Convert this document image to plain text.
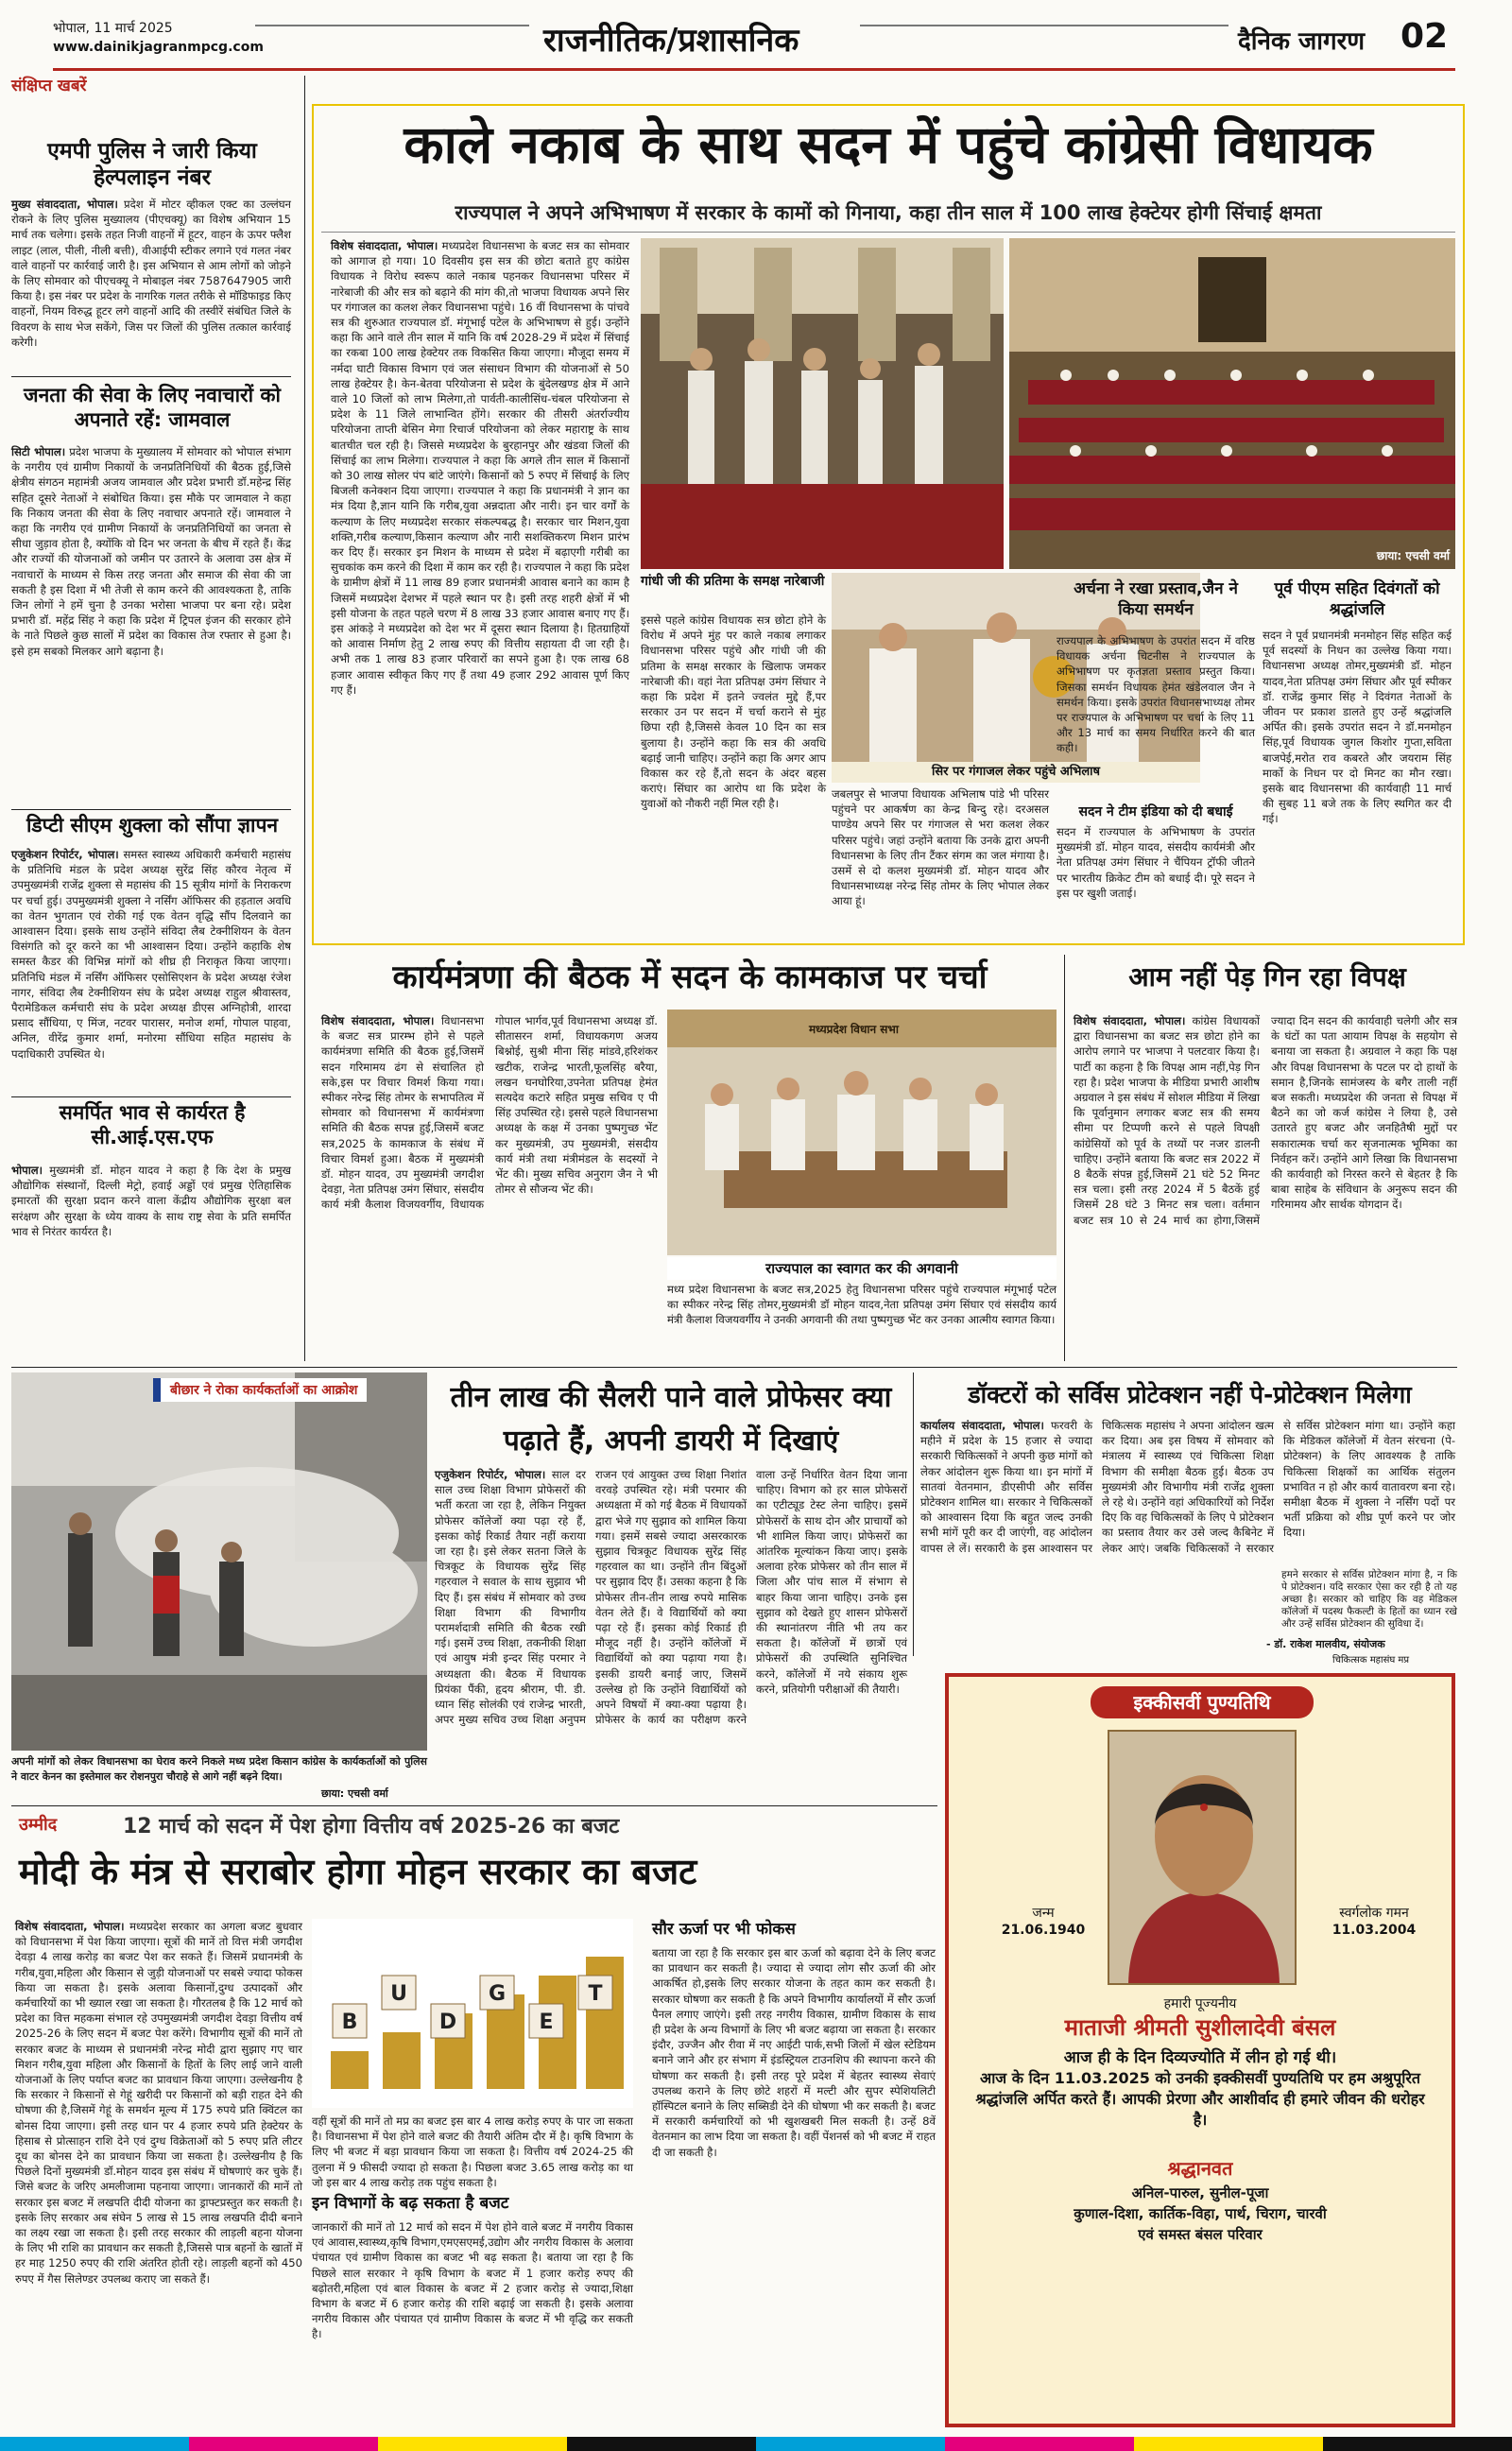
भोपाल, 11 मार्च 2025
www.dainikjagranmpcg.com	राजनीतिक/प्रशासनिक	दैनिक जागरण 02
संक्षिप्त खबरें
एमपी पुलिस ने जारी किया हेल्पलाइन नंबर
मुख्य संवाददाता, भोपाल। प्रदेश में मोटर व्हीकल एक्ट का उल्लंघन रोकने के लिए पुलिस मुख्यालय (पीएचक्यू) का विशेष अभियान 15 मार्च तक चलेगा। इसके तहत निजी वाहनों में हूटर, वाहन के ऊपर फ्लैश लाइट (लाल, पीली, नीली बत्ती), वीआईपी स्टीकर लगाने एवं गलत नंबर वाले वाहनों पर कार्रवाई जारी है। इस अभियान से आम लोगों को जोड़ने के लिए सोमवार को पीएचक्यू ने मोबाइल नंबर 7587647905 जारी किया है। इस नंबर पर प्रदेश के नागरिक गलत तरीके से मॉडिफाइड किए वाहनों, नियम विरुद्ध हूटर लगे वाहनों आदि की तस्वीरें संबंधित जिले के विवरण के साथ भेज सकेंगे, जिस पर जिलों की पुलिस तत्काल कार्रवाई करेगी।
जनता की सेवा के लिए नवाचारों को अपनाते रहें: जामवाल
सिटी भोपाल। प्रदेश भाजपा के मुख्यालय में सोमवार को भोपाल संभाग के नगरीय एवं ग्रामीण निकायों के जनप्रतिनिधियों की बैठक हुई,जिसे क्षेत्रीय संगठन महामंत्री अजय जामवाल और प्रदेश प्रभारी डॉ.महेन्द्र सिंह सहित दूसरे नेताओं ने संबोधित किया। इस मौके पर जामवाल ने कहा कि निकाय जनता की सेवा के लिए नवाचार अपनाते रहें। जामवाल ने कहा कि नगरीय एवं ग्रामीण निकायों के जनप्रतिनिधियों का जनता से सीधा जुड़ाव होता है, क्योंकि वो दिन भर जनता के बीच में रहते हैं। केंद्र और राज्यों की योजनाओं को जमीन पर उतारने के अलावा उस क्षेत्र में नवाचारों के माध्यम से किस तरह जनता और समाज की सेवा की जा सकती है इस दिशा में भी तेजी से काम करने की आवश्यकता है, ताकि जिन लोगों ने हमें चुना है उनका भरोसा भाजपा पर बना रहे। प्रदेश प्रभारी डॉ. महेंद्र सिंह ने कहा कि प्रदेश में ट्रिपल इंजन की सरकार होने के नाते पिछले कुछ सालों में प्रदेश का विकास तेज रफ्तार से हुआ है। इसे हम सबको मिलकर आगे बढ़ाना है।
डिप्टी सीएम शुक्ला को सौंपा ज्ञापन
एजुकेशन रिपोर्टर, भोपाल। समस्त स्वास्थ्य अधिकारी कर्मचारी महासंघ के प्रतिनिधि मंडल के प्रदेश अध्यक्ष सुरेंद्र सिंह कौरव नेतृत्व में उपमुख्यमंत्री राजेंद्र शुक्ला से महासंघ की 15 सूत्रीय मांगों के निराकरण पर चर्चा हुई। उपमुख्यमंत्री शुक्ला ने नर्सिंग ऑफिसर की हड़ताल अवधि का वेतन भुगतान एवं रोकी गई एक वेतन वृद्धि सौंप दिलवाने का आश्वासन दिया। इसके साथ उन्होंने संविदा लैब टेक्नीशियन के वेतन विसंगति को दूर करने का भी आश्वासन दिया। उन्होंने कहाकि शेष समस्त कैडर की विभिन्न मांगों को शीघ्र ही निराकृत किया जाएगा। प्रतिनिधि मंडल में नर्सिंग ऑफिसर एसोसिएशन के प्रदेश अध्यक्ष रंजेश नागर, संविदा लैब टेक्नीशियन संघ के प्रदेश अध्यक्ष राहुल श्रीवास्तव, पैरामेडिकल कर्मचारी संघ के प्रदेश अध्यक्ष डीएस अग्निहोत्री, शारदा प्रसाद सौंधिया, ए मिंज, नटवर पारासर, मनोज शर्मा, गोपाल पाहवा, अनिल, वीरेंद्र कुमार शर्मा, मनोरमा सौंधिया सहित महासंघ के पदाधिकारी उपस्थित थे।
समर्पित भाव से कार्यरत है सी.आई.एस.एफ
भोपाल। मुख्यमंत्री डॉ. मोहन यादव ने कहा है कि देश के प्रमुख औद्योगिक संस्थानों, दिल्ली मेट्रो, हवाई अड्डों एवं प्रमुख ऐतिहासिक इमारतों की सुरक्षा प्रदान करने वाला केंद्रीय औद्योगिक सुरक्षा बल सरंक्षण और सुरक्षा के ध्येय वाक्य के साथ राष्ट्र सेवा के प्रति समर्पित भाव से निरंतर कार्यरत है।
काले नकाब के साथ सदन में पहुंचे कांग्रेसी विधायक
राज्यपाल ने अपने अभिभाषण में सरकार के कामों को गिनाया, कहा तीन साल में 100 लाख हेक्टेयर होगी सिंचाई क्षमता
विशेष संवाददाता, भोपाल। मध्यप्रदेश विधानसभा के बजट सत्र का सोमवार को आगाज हो गया। 10 दिवसीय इस सत्र की छोटा बताते हुए कांग्रेस विधायक ने विरोध स्वरूप काले नकाब पहनकर विधानसभा परिसर में नारेबाजी की और सत्र को बढ़ाने की मांग की,तो भाजपा विधायक अपने सिर पर गंगाजल का कलश लेकर विधानसभा पहुंचे। 16 वीं विधानसभा के पांचवे सत्र की शुरुआत राज्यपाल डॉ. मंगूभाई पटेल के अभिभाषण से हुई। उन्होंने कहा कि आने वाले तीन साल में यानि कि वर्ष 2028-29 में प्रदेश में सिंचाई का रकबा 100 लाख हेक्टेयर तक विकसित किया जाएगा। मौजूदा समय में नर्मदा घाटी विकास विभाग एवं जल संसाधन विभाग की योजनाओं से 50 लाख हेक्टेयर है। केन-बेतवा परियोजना से प्रदेश के बुंदेलखण्ड क्षेत्र में आने वाले 10 जिलों को लाभ मिलेगा,तो पार्वती-कालीसिंध-चंबल परियोजना से प्रदेश के 11 जिले लाभान्वित होंगे। सरकार की तीसरी अंतर्राज्यीय परियोजना ताप्ती बेसिन मेगा रिचार्ज परियोजना को लेकर महाराष्ट्र के साथ बातचीत चल रही है। जिससे मध्यप्रदेश के बुरहानपुर और खंडवा जिलों की सिंचाई का लाभ मिलेगा। राज्यपाल ने कहा कि अगले तीन साल में किसानों को 30 लाख सोलर पंप बांटे जाएंगे। किसानों को 5 रुपए में सिंचाई के लिए बिजली कनेक्शन दिया जाएगा। राज्यपाल ने कहा कि प्रधानमंत्री ने ज्ञान का मंत्र दिया है,ज्ञान यानि कि गरीब,युवा अन्नदाता और नारी। इन चार वर्गों के कल्याण के लिए मध्यप्रदेश सरकार संकल्पबद्ध है। सरकार चार मिशन,युवा शक्ति,गरीब कल्याण,किसान कल्याण और नारी सशक्तिकरण मिशन प्रारंभ कर दिए हैं। सरकार इन मिशन के माध्यम से प्रदेश में बढ़ाएगी गरीबी का सुचकांक कम करने की दिशा में काम कर रही है। राज्यपाल ने कहा कि प्रदेश के ग्रामीण क्षेत्रों में 11 लाख 89 हजार प्रधानमंत्री आवास बनाने का काम है जिसमें मध्यप्रदेश देशभर में पहले स्थान पर है। इसी तरह शहरी क्षेत्रों में भी इसी योजना के तहत पहले चरण में 8 लाख 33 हजार आवास बनाए गए हैं। इस आंकड़े ने मध्यप्रदेश को देश भर में दूसरा स्थान दिलाया है। हितग्राहियों को आवास निर्माण हेतु 2 लाख रुपए की वित्तीय सहायता दी जा रही है। अभी तक 1 लाख 83 हजार परिवारों का सपने हुआ है। एक लाख 68 हजार आवास स्वीकृत किए गए हैं तथा 49 हजार 292 आवास पूर्ण किए गए हैं।
छाया: एचसी वर्मा
गांधी जी की प्रतिमा के समक्ष नारेबाजी
इससे पहले कांग्रेस विधायक सत्र छोटा होने के विरोध में अपने मुंह पर काले नकाब लगाकर विधानसभा परिसर पहुंचे और गांधी जी की प्रतिमा के समक्ष सरकार के खिलाफ जमकर नारेबाजी की। वहां नेता प्रतिपक्ष उमंग सिंघार ने कहा कि प्रदेश में इतने ज्वलंत मुद्दे हैं,पर सरकार उन पर सदन में चर्चा कराने से मुंह छिपा रही है,जिससे केवल 10 दिन का सत्र बुलाया है। उन्होंने कहा कि सत्र की अवधि बढ़ाई जानी चाहिए। उन्होंने कहा कि अगर आप विकास कर रहे हैं,तो सदन के अंदर बहस कराएं। सिंघार का आरोप था कि प्रदेश के युवाओं को नौकरी नहीं मिल रही है।
सिर पर गंगाजल लेकर पहुंचे अभिलाष
जबलपुर से भाजपा विधायक अभिलाष पांडे भी परिसर पहुंचने पर आकर्षण का केन्द्र बिन्दु रहे। दरअसल पाण्डेय अपने सिर पर गंगाजल से भरा कलश लेकर परिसर पहुंचे। जहां उन्होंने बताया कि उनके द्वारा अपनी विधानसभा के लिए तीन टैंकर संगम का जल मंगाया है। उसमें से दो कलश मुख्यमंत्री डॉ. मोहन यादव और विधानसभाध्यक्ष नरेन्द्र सिंह तोमर के लिए भोपाल लेकर आया हूं।
अर्चना ने रखा प्रस्ताव,जैन ने किया समर्थन
राज्यपाल के अभिभाषण के उपरांत सदन में वरिष्ठ विधायक अर्चना चिटनीस ने राज्यपाल के अभिभाषण पर कृतज्ञता प्रस्ताव प्रस्तुत किया। जिसका समर्थन विधायक हेमंत खंडेलवाल जैन ने समर्थन किया। इसके उपरांत विधानसभाध्यक्ष तोमर पर राज्यपाल के अभिभाषण पर चर्चा के लिए 11 और 13 मार्च का समय निर्धारित करने की बात कही।
सदन ने टीम इंडिया को दी बधाई
सदन में राज्यपाल के अभिभाषण के उपरांत मुख्यमंत्री डॉ. मोहन यादव, संसदीय कार्यमंत्री और नेता प्रतिपक्ष उमंग सिंघार ने चैंपियन ट्रॉफी जीतने पर भारतीय क्रिकेट टीम को बधाई दी। पूरे सदन ने इस पर खुशी जताई।
पूर्व पीएम सहित दिवंगतों को श्रद्धांजलि
सदन ने पूर्व प्रधानमंत्री मनमोहन सिंह सहित कई पूर्व सदस्यों के निधन का उल्लेख किया गया। विधानसभा अध्यक्ष तोमर,मुख्यमंत्री डॉ. मोहन यादव,नेता प्रतिपक्ष उमंग सिंघार और पूर्व स्पीकर डॉ. राजेंद्र कुमार सिंह ने दिवंगत नेताओं के जीवन पर प्रकाश डालते हुए उन्हें श्रद्धांजलि अर्पित की। इसके उपरांत सदन ने डॉ.मनमोहन सिंह,पूर्व विधायक जुगल किशोर गुप्ता,सविता बाजपेई,मरोत राव कबरते और जयराम सिंह मार्को के निधन पर दो मिनट का मौन रखा। इसके बाद विधानसभा की कार्यवाही 11 मार्च की सुबह 11 बजे तक के लिए स्थगित कर दी गई।
कार्यमंत्रणा की बैठक में सदन के कामकाज पर चर्चा
विशेष संवाददाता, भोपाल। विधानसभा के बजट सत्र प्रारम्भ होने से पहले कार्यमंत्रणा समिति की बैठक हुई,जिसमें सदन गरिमामय ढंग से संचालित हो सके,इस पर विचार विमर्श किया गया। स्पीकर नरेन्द्र सिंह तोमर के सभापतित्व में सोमवार को विधानसभा में कार्यमंत्रणा समिति की बैठक सपन्न हुई,जिसमें बजट सत्र,2025 के कामकाज के संबंध में विचार विमर्श हुआ। बैठक में मुख्यमंत्री डॉ. मोहन यादव, उप मुख्यमंत्री जगदीश देवड़ा, नेता प्रतिपक्ष उमंग सिंघार, संसदीय कार्य मंत्री कैलाश विजयवर्गीय, विधायक गोपाल भार्गव,पूर्व विधानसभा अध्यक्ष डॉ. सीतासरन शर्मा, विधायकगण अजय बिश्नोई, सुश्री मीना सिंह मांडवे,हरिशंकर खटीक, राजेन्द्र भारती,फूलसिंह बरैया, लखन घनघोरिया,उपनेता प्रतिपक्ष हेमंत सत्यदेव कटारे सहित प्रमुख सचिव ए पी सिंह उपस्थित रहे। इससे पहले विधानसभा अध्यक्ष के कक्ष में उनका पुष्पगुच्छ भेंट कर मुख्यमंत्री, उप मुख्यमंत्री, संसदीय कार्य मंत्री तथा मंत्रीमंडल के सदस्यों ने भेंट की। मुख्य सचिव अनुराग जैन ने भी तोमर से सौजन्य भेंट की।
मध्यप्रदेश विधान सभा
राज्यपाल का स्वागत कर की अगवानी
मध्य प्रदेश विधानसभा के बजट सत्र,2025 हेतु विधानसभा परिसर पहुंचे राज्यपाल मंगूभाई पटेल का स्पीकर नरेन्द्र सिंह तोमर,मुख्यमंत्री डॉ मोहन यादव,नेता प्रतिपक्ष उमंग सिंघार एवं संसदीय कार्य मंत्री कैलाश विजयवर्गीय ने उनकी अगवानी की तथा पुष्पगुच्छ भेंट कर उनका आत्मीय स्वागत किया।
आम नहीं पेड़ गिन रहा विपक्ष
विशेष संवाददाता, भोपाल। कांग्रेस विधायकों द्वारा विधानसभा का बजट सत्र छोटा होने का आरोप लगाने पर भाजपा ने पलटवार किया है। पार्टी का कहना है कि विपक्ष आम नहीं,पेड़ गिन रहा है। प्रदेश भाजपा के मीडिया प्रभारी आशीष अग्रवाल ने इस संबंध में सोशल मीडिया में लिखा कि पूर्वानुमान लगाकर बजट सत्र की समय सीमा पर टिप्पणी करने से पहले विपक्षी कांग्रेसियों को पूर्व के तथ्यों पर नजर डालनी चाहिए। उन्होंने बताया कि बजट सत्र 2022 में 8 बैठकें संपन्न हुई,जिसमें 21 घंटे 52 मिनट सत्र चला। इसी तरह 2024 में 5 बैठकें हुई जिसमें 28 घंटे 3 मिनट सत्र चला। वर्तमान बजट सत्र 10 से 24 मार्च का होगा,जिसमें ज्यादा दिन सदन की कार्यवाही चलेगी और सत्र के घंटों का पता आयाम विपक्ष के सहयोग से बनाया जा सकता है। अग्रवाल ने कहा कि पक्ष और विपक्ष विधानसभा के पटल पर दो हाथों के समान है,जिनके सामंजस्य के बगैर ताली नहीं बज सकती। मध्यप्रदेश की जनता से विपक्ष में बैठने का जो कर्ज कांग्रेस ने लिया है, उसे उतारते हुए बजट और जनहितैषी मुद्दों पर सकारात्मक चर्चा कर सृजनात्मक भूमिका का निर्वहन करें। उन्होंने आगे लिखा कि विधानसभा की कार्यवाही को निरस्त करने से बेहतर है कि बाबा साहेब के संविधान के अनुरूप सदन की गरिमामय और सार्थक योगदान दें।
बीछार ने रोका कार्यकर्ताओं का आक्रोश
अपनी मांगों को लेकर विधानसभा का घेराव करने निकले मध्य प्रदेश किसान कांग्रेस के कार्यकर्ताओं को पुलिस ने वाटर केनन का इस्तेमाल कर रोशनपुरा चौराहे से आगे नहीं बढ़ने दिया।
छाया: एचसी वर्मा
तीन लाख की सैलरी पाने वाले प्रोफेसर क्या पढ़ाते हैं, अपनी डायरी में दिखाएं
एजुकेशन रिपोर्टर, भोपाल। साल दर साल उच्च शिक्षा विभाग प्रोफेसरों की भर्ती करता जा रहा है, लेकिन नियुक्त प्रोफेसर कॉलेजों क्या पढ़ा रहे हैं, इसका कोई रिकार्ड तैयार नहीं कराया जा रहा है। इसे लेकर सतना जिले के चित्रकूट के विधायक सुरेंद्र सिंह गहरवाल ने सवाल के साथ सुझाव भी दिए हैं। इस संबंध में सोमवार को उच्च शिक्षा विभाग की विभागीय परामर्शदात्री समिति की बैठक रखी गई। इसमें उच्च शिक्षा, तकनीकी शिक्षा एवं आयुष मंत्री इन्दर सिंह परमार ने अध्यक्षता की। बैठक में विधायक प्रियंका पैंकी, हृदय श्रीराम, पी. डी. ध्यान सिंह सोलंकी एवं राजेन्द्र भारती, अपर मुख्य सचिव उच्च शिक्षा अनुपम राजन एवं आयुक्त उच्च शिक्षा निशांत वरवड़े उपस्थित रहे। मंत्री परमार की अध्यक्षता में को गई बैठक में विधायकों द्वारा भेजे गए सुझाव को शामिल किया गया। इसमें सबसे ज्यादा असरकारक सुझाव चित्रकूट विधायक सुरेंद्र सिंह गहरवाल का था। उन्होंने तीन बिंदुओं पर सुझाव दिए हैं। उसका कहना है कि प्रोफेसर तीन-तीन लाख रुपये मासिक वेतन लेते हैं। वे विद्यार्थियों को क्या पढ़ा रहे हैं। इसका कोई रिकार्ड ही मौजूद नहीं है। उन्होंने कॉलेजों में विद्यार्थियों को क्या पढ़ाया गया है। इसकी डायरी बनाई जाए, जिसमें उल्लेख हो कि उन्होंने विद्यार्थियों को अपने विषयों में क्या-क्या पढ़ाया है। प्रोफेसर के कार्य का परीक्षण करने वाला उन्हें निर्धारित वेतन दिया जाना चाहिए। विभाग को हर साल प्रोफेसरों का एटीट्यूड टेस्ट लेना चाहिए। इसमें प्रोफेसरों के साथ दोन और प्राचार्यों को भी शामिल किया जाए। प्रोफेसरों का आंतरिक मूल्यांकन किया जाए। इसके अलावा हरेक प्रोफेसर को तीन साल में जिला और पांच साल में संभाग से बाहर किया जाना चाहिए। उनके इस सुझाव को देखते हुए शासन प्रोफेसरों की स्थानांतरण नीति भी तय कर सकता है। कॉलेजों में छात्रों एवं प्रोफेसरों की उपस्थिति सुनिश्चित करने, कॉलेजों में नये संकाय शुरू करने, प्रतियोगी परीक्षाओं की तैयारी।
डॉक्टरों को सर्विस प्रोटेक्शन नहीं पे-प्रोटेक्शन मिलेगा
कार्यालय संवाददाता, भोपाल। फरवरी के महीने में प्रदेश के 15 हजार से ज्यादा सरकारी चिकित्सकों ने अपनी कुछ मांगों को लेकर आंदोलन शुरू किया था। इन मांगों में सातवां वेतनमान, डीएसीपी और सर्विस प्रोटेक्शन शामिल था। सरकार ने चिकित्सकों को आश्वासन दिया कि बहुत जल्द उनकी सभी मांगें पूरी कर दी जाएंगी, वह आंदोलन वापस ले लें। सरकारी के इस आश्वासन पर चिकित्सक महासंघ ने अपना आंदोलन खत्म कर दिया। अब इस विषय में सोमवार को मंत्रालय में स्वास्थ्य एवं चिकित्सा शिक्षा विभाग की समीक्षा बैठक हुई। बैठक उप मुख्यमंत्री और विभागीय मंत्री राजेंद्र शुक्ला ले रहे थे। उन्होंने वहां अधिकारियों को निर्देश दिए कि वह चिकित्सकों के लिए पे प्रोटेक्शन का प्रस्ताव तैयार कर उसे जल्द कैबिनेट में लेकर आएं। जबकि चिकित्सकों ने सरकार से सर्विस प्रोटेक्शन मांगा था। उन्होंने कहा कि मेडिकल कॉलेजों में वेतन संरचना (पे-प्रोटेक्शन) के लिए आवश्यक है ताकि चिकित्सा शिक्षकों का आर्थिक संतुलन प्रभावित न हो और कार्य वातावरण बना रहे। समीक्षा बैठक में शुक्ला ने नर्सिंग पदों पर भर्ती प्रक्रिया को शीघ्र पूर्ण करने पर जोर दिया।
हमने सरकार से सर्विस प्रोटेक्शन मांगा है, न कि पे प्रोटेक्शन। यदि सरकार ऐसा कर रही है तो यह अच्छा है। सरकार को चाहिए कि वह मेडिकल कॉलेजों में पदस्थ फैकल्टी के हितों का ध्यान रखे और उन्हें सर्विस प्रोटेक्शन की सुविधा दें।
- डॉ. राकेश मालवीय, संयोजक
चिकित्सक महासंघ मप्र
इक्कीसवीं पुण्यतिथि
जन्म
21.06.1940
स्वर्गलोक गमन
11.03.2004
हमारी पूज्यनीय
माताजी श्रीमती सुशीलादेवी बंसल
आज ही के दिन दिव्यज्योति में लीन हो गई थी।
आज के दिन 11.03.2025 को उनकी इक्कीसवीं पुण्यतिथि पर हम अश्रुपूरित श्रद्धांजलि अर्पित करते हैं। आपकी प्रेरणा और आशीर्वाद ही हमारे जीवन की धरोहर है।
श्रद्धानवत
अनिल-पारुल, सुनील-पूजा
कुणाल-दिशा, कार्तिक-विहा, पार्थ, चिराग, चारवी
एवं समस्त बंसल परिवार
उम्मीद	12 मार्च को सदन में पेश होगा वित्तीय वर्ष 2025-26 का बजट
मोदी के मंत्र से सराबोर होगा मोहन सरकार का बजट
विशेष संवाददाता, भोपाल। मध्यप्रदेश सरकार का अगला बजट बुधवार को विधानसभा में पेश किया जाएगा। सूत्रों की मानें तो वित्त मंत्री जगदीश देवड़ा 4 लाख करोड़ का बजट पेश कर सकते हैं। जिसमें प्रधानमंत्री के गरीब,युवा,महिला और किसान से जुड़ी योजनाओं पर सबसे ज्यादा फोकस किया जा सकता है। इसके अलावा किसानों,दुग्ध उत्पादकों और कर्मचारियों का भी ख्याल रखा जा सकता है। गौरतलब है कि 12 मार्च को प्रदेश का वित्त महकमा संभाल रहे उपमुख्यमंत्री जगदीश देवड़ा वित्तीय वर्ष 2025-26 के लिए सदन में बजट पेश करेंगे। विभागीय सूत्रों की मानें तो सरकार बजट के माध्यम से प्रधानमंत्री नरेन्द्र मोदी द्वारा सुझाए गए चार मिशन गरीब,युवा महिला और किसानों के हितों के लिए लाई जाने वाली योजनाओं के लिए पर्याप्त बजट का प्रावधान किया जाएगा। उल्लेखनीय है कि सरकार ने किसानों से गेहूं खरीदी पर किसानों को बड़ी राहत देने की घोषणा की है,जिसमें गेहूं के समर्थन मूल्य में 175 रुपये प्रति क्विंटल का बोनस दिया जाएगा। इसी तरह धान पर 4 हजार रुपये प्रति हेक्टेयर के हिसाब से प्रोत्साहन राशि देने एवं दुग्ध विक्रेताओं को 5 रुपए प्रति लीटर दूध का बोनस देने का प्रावधान किया जा सकता है। उल्लेखनीय है कि पिछले दिनों मुख्यमंत्री डॉ.मोहन यादव इस संबंध में घोषणाएं कर चुके हैं। जिसे बजट के जरिए अमलीजामा पहनाया जाएगा। जानकारों की मानें तो सरकार इस बजट में लखपति दीदी योजना का ड्राफ्टप्रस्तुत कर सकती है। इसके लिए सरकार अब संघेन 5 लाख से 15 लाख लखपति दीदी बनाने का लक्ष्य रखा जा सकता है। इसी तरह सरकार की लाड़ली बहना योजना के लिए भी राशि का प्रावधान कर सकती है,जिससे पात्र बहनों के खातों में हर माह 1250 रुपए की राशि अंतरित होती रहे। लाड़ली बहनों को 450 रुपए में गैस सिलेण्डर उपलब्ध कराए जा सकते हैं।
B
U
D
G
E
T
सौर ऊर्जा पर भी फोकस
बताया जा रहा है कि सरकार इस बार ऊर्जा को बढ़ावा देने के लिए बजट का प्रावधान कर सकती है। ज्यादा से ज्यादा लोग सौर ऊर्जा की ओर आकर्षित हो,इसके लिए सरकार योजना के तहत काम कर सकती है। सरकार घोषणा कर सकती है कि अपने विभागीय कार्यालयों में सौर ऊर्जा पैनल लगाए जाएंगे। इसी तरह नगरीय विकास, ग्रामीण विकास के साथ ही प्रदेश के अन्य विभागों के लिए भी बजट बढ़ाया जा सकता है। सरकार इंदौर, उज्जैन और रीवा में नए आईटी पार्क,सभी जिलों में खेल स्टेडियम बनाने जाने और हर संभाग में इंडस्ट्रियल टाउनशिप की स्थापना करने की घोषणा कर सकती है। इसी तरह पूरे प्रदेश में बेहतर स्वास्थ्य सेवाएं उपलब्ध कराने के लिए छोटे शहरों में मल्टी और सुपर स्पेशियलिटी हॉस्पिटल बनाने के लिए सब्सिडी देने की घोषणा भी कर सकती है। बजट में सरकारी कर्मचारियों को भी खुशखबरी मिल सकती है। उन्हें 8वें वेतनमान का लाभ दिया जा सकता है। वहीं पेंशनर्स को भी बजट में राहत दी जा सकती है।
वहीं सूत्रों की मानें तो मप्र का बजट इस बार 4 लाख करोड़ रुपए के पार जा सकता है। विधानसभा में पेश होने वाले बजट की तैयारी अंतिम दौर में है। कृषि विभाग के लिए भी बजट में बड़ा प्रावधान किया जा सकता है। वित्तीय वर्ष 2024-25 की तुलना में 9 फीसदी ज्यादा हो सकता है। पिछला बजट 3.65 लाख करोड़ का था जो इस बार 4 लाख करोड़ तक पहुंच सकता है।
इन विभागों के बढ़ सकता है बजट
जानकारों की मानें तो 12 मार्च को सदन में पेश होने वाले बजट में नगरीय विकास एवं आवास,स्वास्थ्य,कृषि विभाग,एमएसएमई,उद्योग और नगरीय विकास के अलावा पंचायत एवं ग्रामीण विकास का बजट भी बढ़ सकता है। बताया जा रहा है कि पिछले साल सरकार ने कृषि विभाग के बजट में 1 हजार करोड़ रुपए की बढ़ोतरी,महिला एवं बाल विकास के बजट में 2 हजार करोड़ से ज्यादा,शिक्षा विभाग के बजट में 6 हजार करोड़ की राशि बढ़ाई जा सकती है। इसके अलावा नगरीय विकास और पंचायत एवं ग्रामीण विकास के बजट में भी वृद्धि कर सकती है।
